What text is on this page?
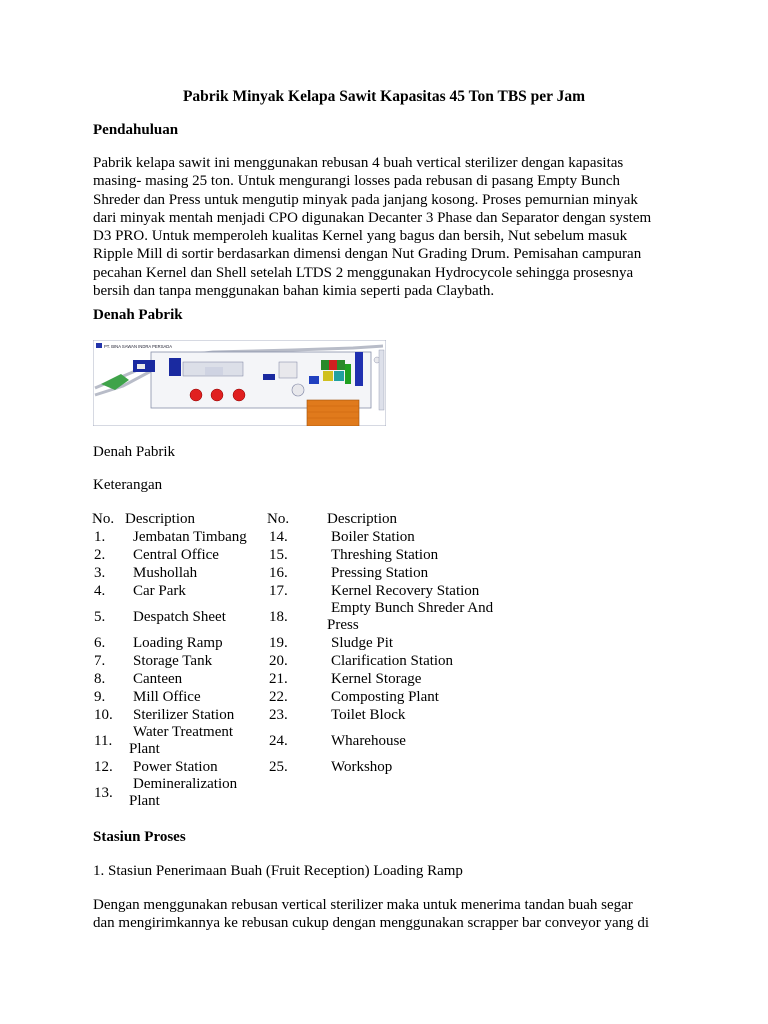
Pabrik Minyak Kelapa Sawit Kapasitas 45 Ton TBS per Jam
Pendahuluan
Pabrik kelapa sawit ini menggunakan rebusan 4 buah vertical sterilizer dengan kapasitas
masing- masing 25 ton. Untuk mengurangi losses pada rebusan di pasang Empty Bunch
Shreder dan Press untuk mengutip minyak pada janjang kosong. Proses pemurnian minyak
dari minyak mentah menjadi CPO digunakan Decanter 3 Phase dan Separator dengan system
D3 PRO. Untuk memperoleh kualitas Kernel yang bagus dan bersih, Nut sebelum masuk
Ripple Mill di sortir berdasarkan dimensi dengan Nut Grading Drum. Pemisahan campuran
pecahan Kernel dan Shell setelah LTDS 2 menggunakan Hydrocycole sehingga prosesnya
bersih dan tanpa menggunakan bahan kimia seperti pada Claybath.
Denah Pabrik
PT. BINA SAWAN INDRA PERSADA
Denah Pabrik
Keterangan
No.	Description	No.	Description
1.	Jembatan Timbang	14.	Boiler Station

2.	Central Office	15.	Threshing Station

3.	Mushollah	16.	Pressing Station

4.	Car Park	17.	Kernel Recovery Station

5.	Despatch Sheet	18.	Empty Bunch Shreder And
Press

6.	Loading Ramp	19.	Sludge Pit

7.	Storage Tank	20.	Clarification Station

8.	Canteen	21.	Kernel Storage

9.	Mill Office	22.	Composting Plant

10.	Sterilizer Station	23.	Toilet Block

11.	Water Treatment
Plant	24.	Wharehouse

12.	Power Station	25.	Workshop

13.	Demineralization
Plant		

Stasiun Proses
1. Stasiun Penerimaan Buah (Fruit Reception) Loading Ramp
Dengan menggunakan rebusan vertical sterilizer maka untuk menerima tandan buah segar
dan mengirimkannya ke rebusan cukup dengan menggunakan scrapper bar conveyor yang di
